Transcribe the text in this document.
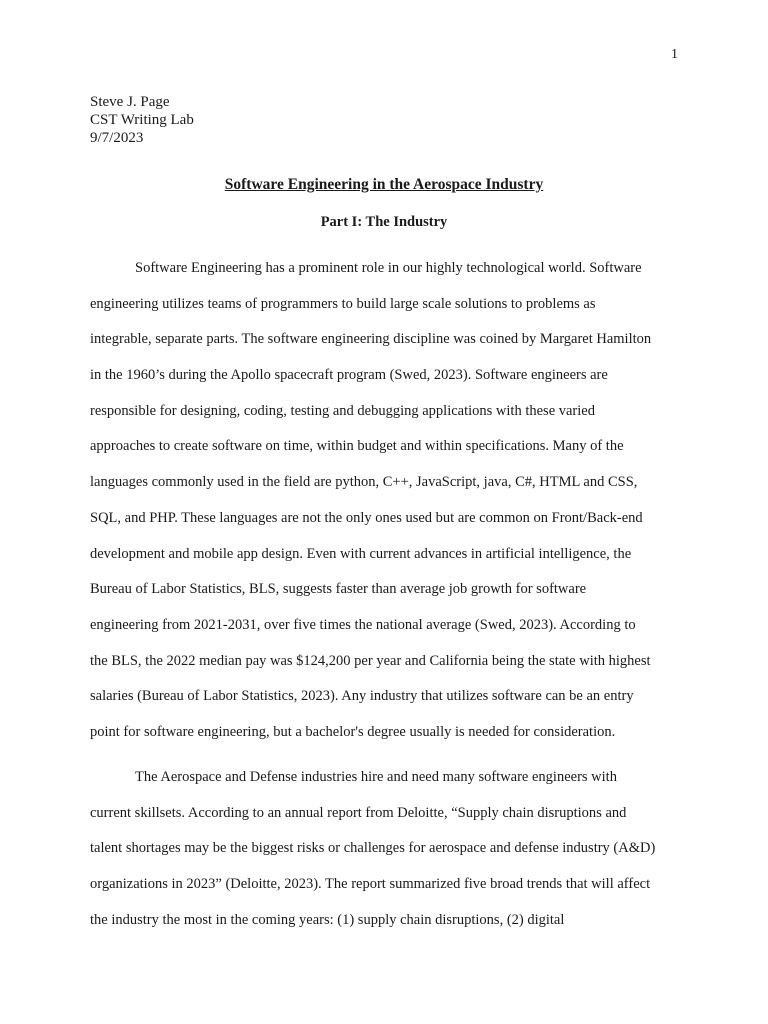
1
Steve J. Page
CST Writing Lab
9/7/2023
Software Engineering in the Aerospace Industry
Part I: The Industry
Software Engineering has a prominent role in our highly technological world. Software
engineering utilizes teams of programmers to build large scale solutions to problems as
integrable, separate parts. The software engineering discipline was coined by Margaret Hamilton
in the 1960’s during the Apollo spacecraft program (Swed, 2023). Software engineers are
responsible for designing, coding, testing and debugging applications with these varied
approaches to create software on time, within budget and within specifications. Many of the
languages commonly used in the field are python, C++, JavaScript, java, C#, HTML and CSS,
SQL, and PHP. These languages are not the only ones used but are common on Front/Back-end
development and mobile app design. Even with current advances in artificial intelligence, the
Bureau of Labor Statistics, BLS, suggests faster than average job growth for software
engineering from 2021-2031, over five times the national average (Swed, 2023). According to
the BLS, the 2022 median pay was $124,200 per year and California being the state with highest
salaries (Bureau of Labor Statistics, 2023). Any industry that utilizes software can be an entry
point for software engineering, but a bachelor's degree usually is needed for consideration.
The Aerospace and Defense industries hire and need many software engineers with
current skillsets. According to an annual report from Deloitte, “Supply chain disruptions and
talent shortages may be the biggest risks or challenges for aerospace and defense industry (A&D)
organizations in 2023” (Deloitte, 2023). The report summarized five broad trends that will affect
the industry the most in the coming years: (1) supply chain disruptions, (2) digital
